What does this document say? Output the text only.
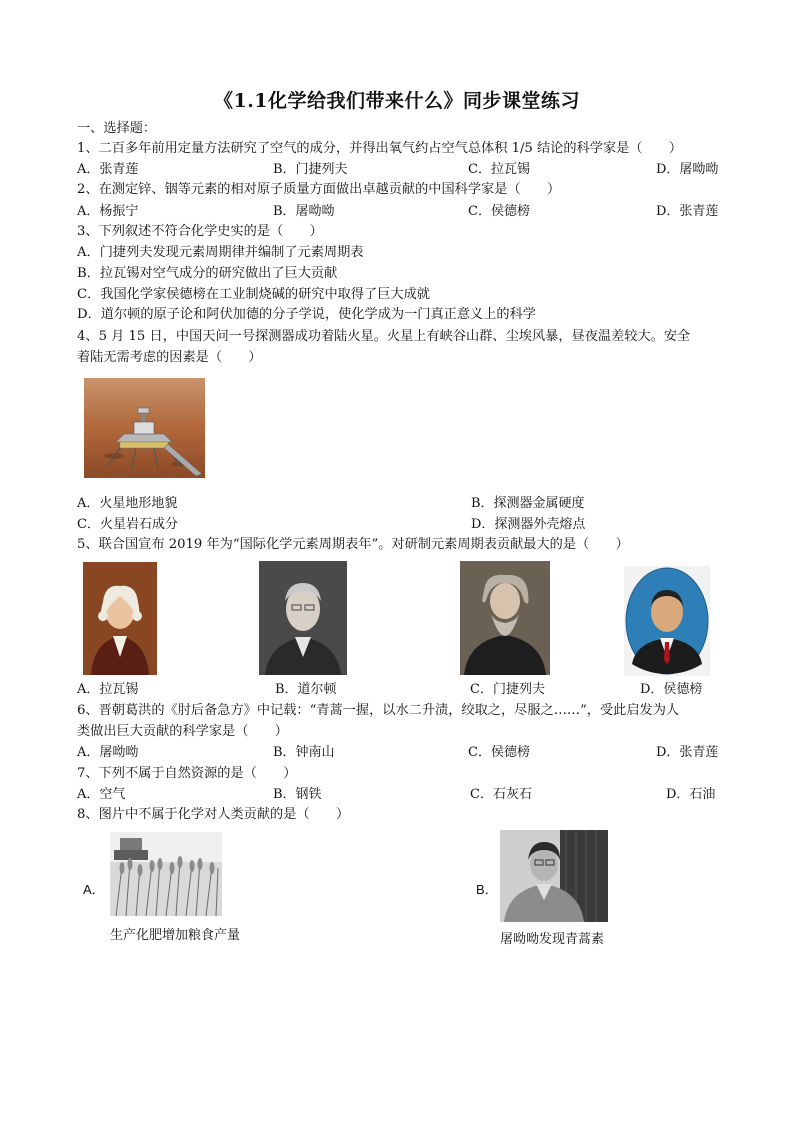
《1.1化学给我们带来什么》同步课堂练习
一、选择题：
1、二百多年前用定量方法研究了空气的成分，并得出氧气约占空气总体积 1/5 结论的科学家是（　　）
A．张青莲	B．门捷列夫	C．拉瓦锡	D．屠呦呦
2、在测定锌、铟等元素的相对原子质量方面做出卓越贡献的中国科学家是（　　）
A．杨振宁	B．屠呦呦	C．侯德榜	D．张青莲
3、下列叙述不符合化学史实的是（　　）
A．门捷列夫发现元素周期律并编制了元素周期表
B．拉瓦锡对空气成分的研究做出了巨大贡献
C．我国化学家侯德榜在工业制烧碱的研究中取得了巨大成就
D．道尔顿的原子论和阿伏加德的分子学说，使化学成为一门真正意义上的科学
4、5 月 15 日，中国天问一号探测器成功着陆火星。火星上有峡谷山群、尘埃风暴，昼夜温差较大。安全
着陆无需考虑的因素是（　　）
A．火星地形地貌	B．探测器金属硬度
C．火星岩石成分	D．探测器外壳熔点
5、联合国宣布 2019 年为“国际化学元素周期表年”。对研制元素周期表贡献最大的是（　　）
A．拉瓦锡	B．道尔顿	C．门捷列夫	D．侯德榜
6、晋朝葛洪的《肘后备急方》中记载：“青蒿一握，以水二升渍，绞取之，尽服之……”，受此启发为人
类做出巨大贡献的科学家是（　　）
A．屠呦呦	B．钟南山	C．侯德榜	D．张青莲
7、下列不属于自然资源的是（　　）
A．空气	B．钢铁	C．石灰石	D．石油
8、图片中不属于化学对人类贡献的是（　　）
A．
生产化肥增加粮食产量
B．
屠呦呦发现青蒿素
